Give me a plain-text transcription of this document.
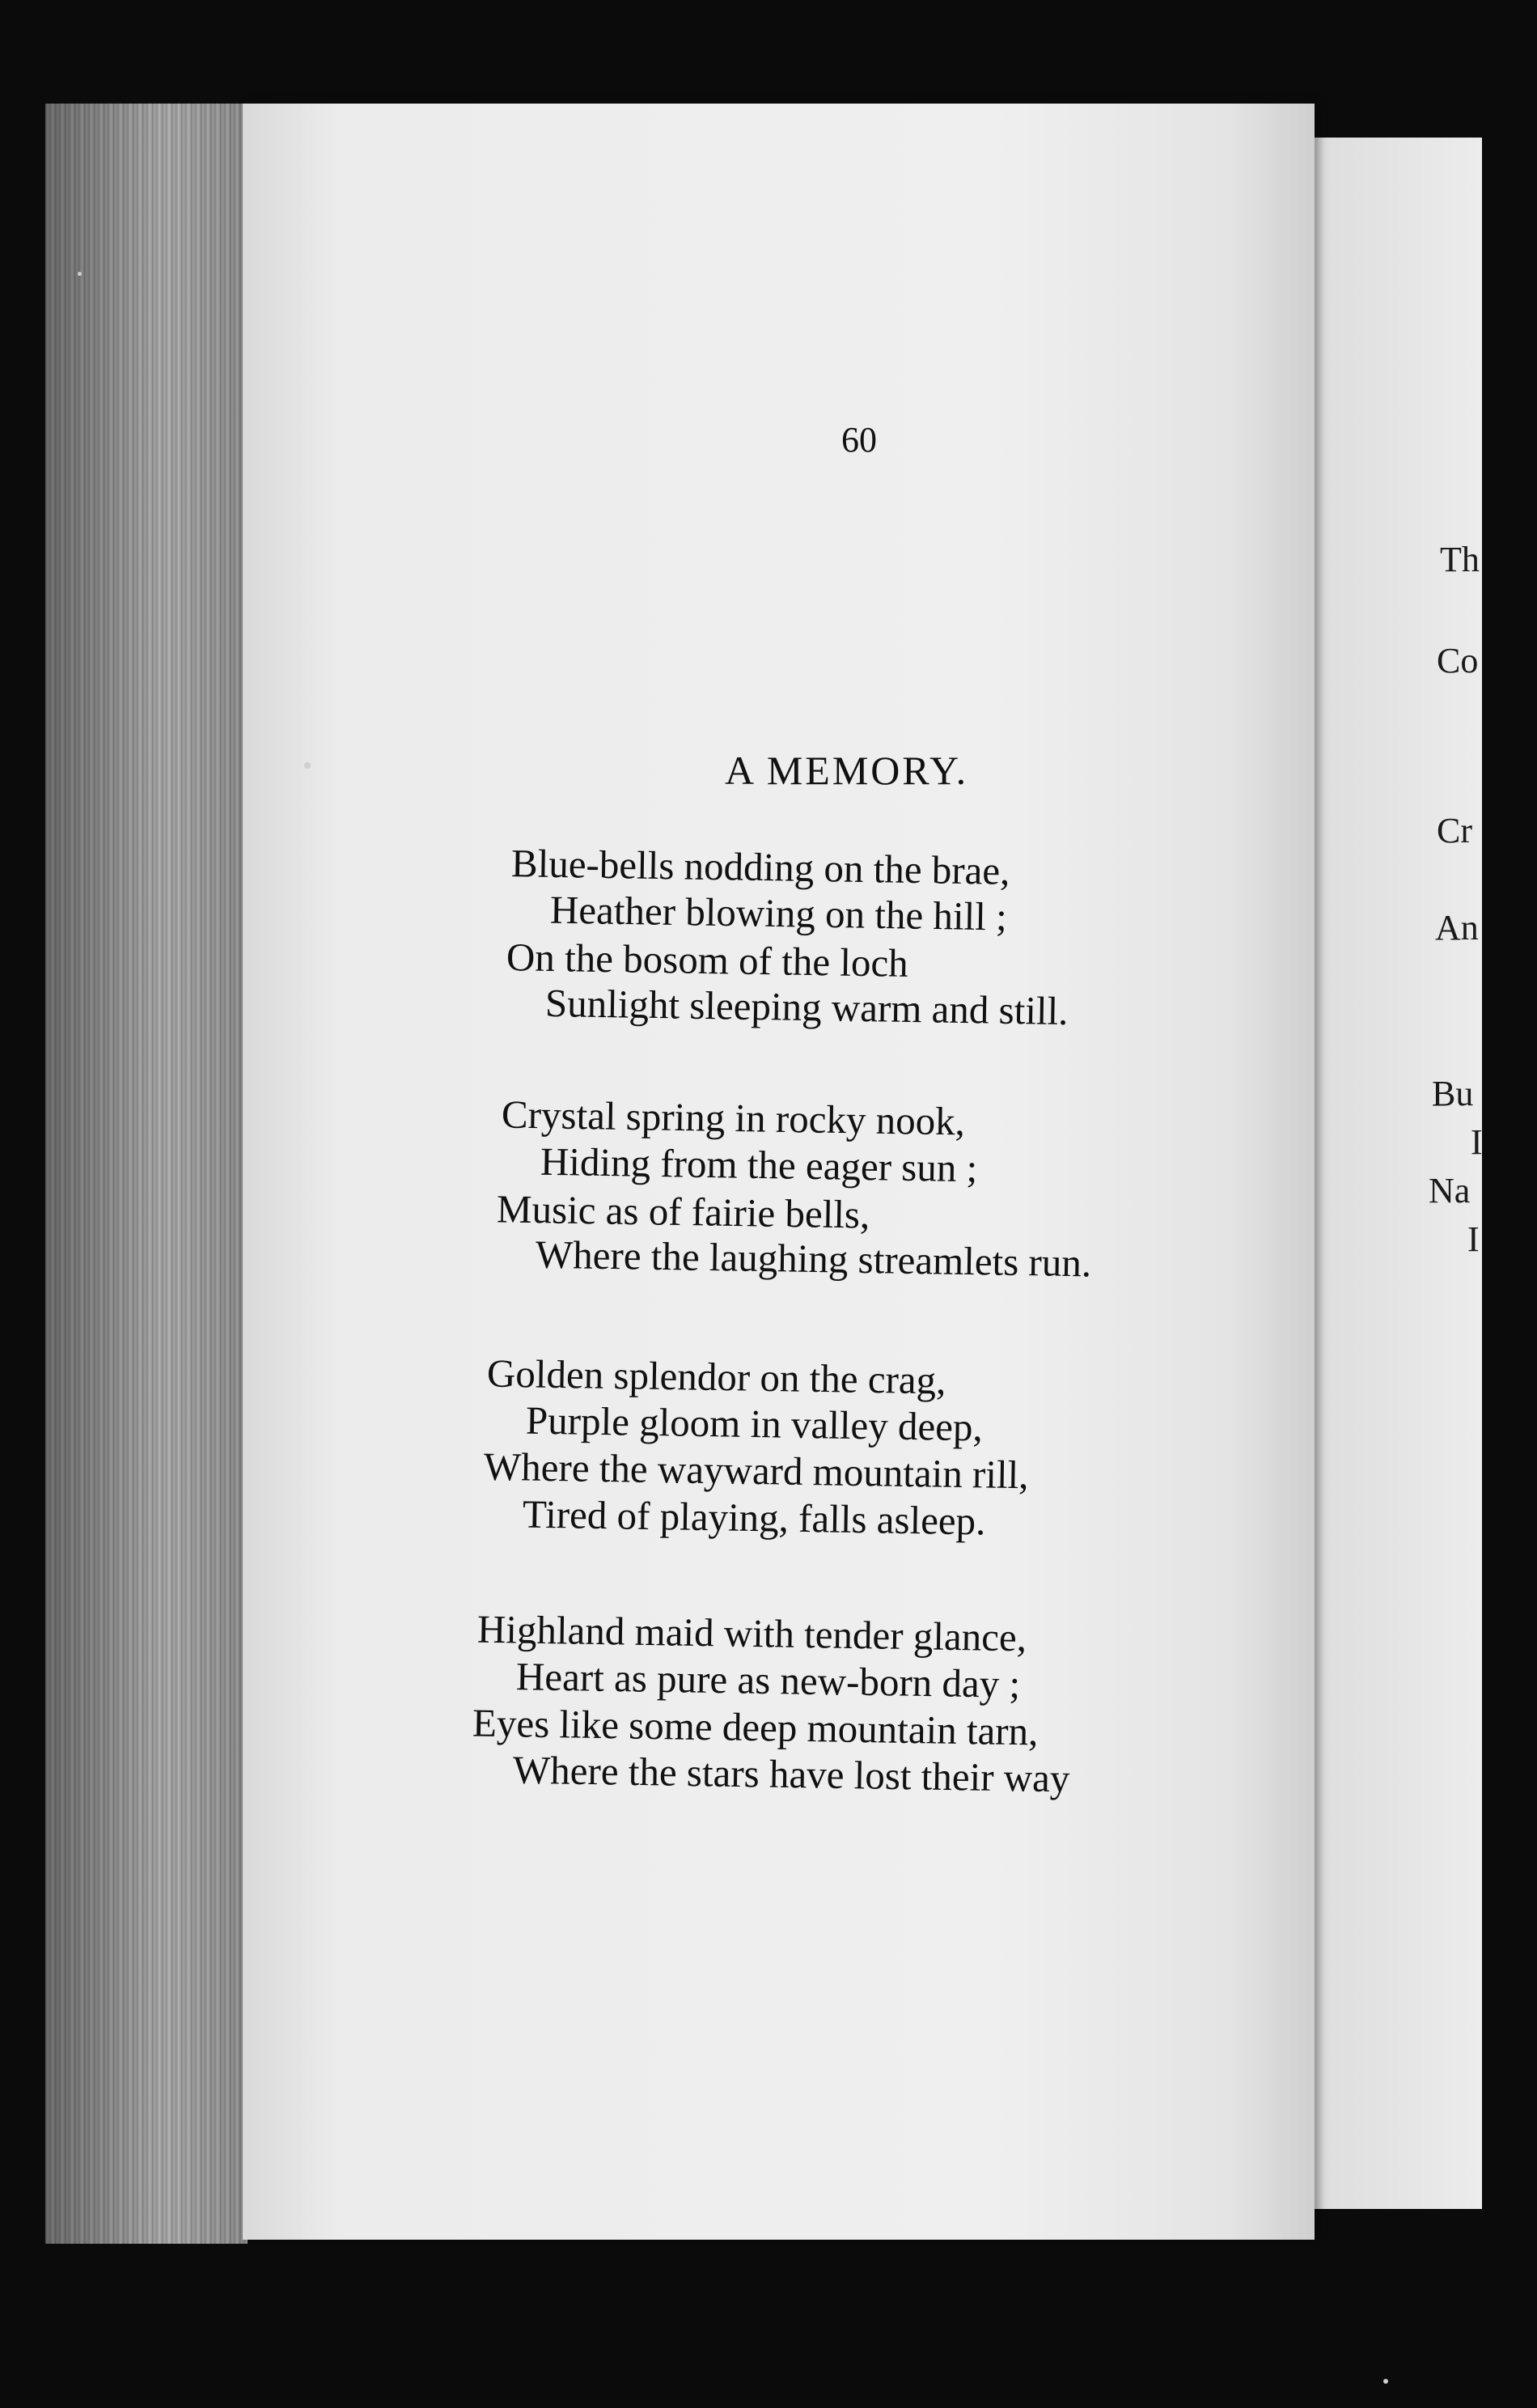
Th
Co
Cr
An
Bu
I
Na
I
60
A MEMORY.
Blue-bells nodding on the brae,
Heather blowing on the hill ;
On the bosom of the loch
Sunlight sleeping warm and still.
Crystal spring in rocky nook,
Hiding from the eager sun ;
Music as of fairie bells,
Where the laughing streamlets run.
Golden splendor on the crag,
Purple gloom in valley deep,
Where the wayward mountain rill,
Tired of playing, falls asleep.
Highland maid with tender glance,
Heart as pure as new-born day ;
Eyes like some deep mountain tarn,
Where the stars have lost their way
